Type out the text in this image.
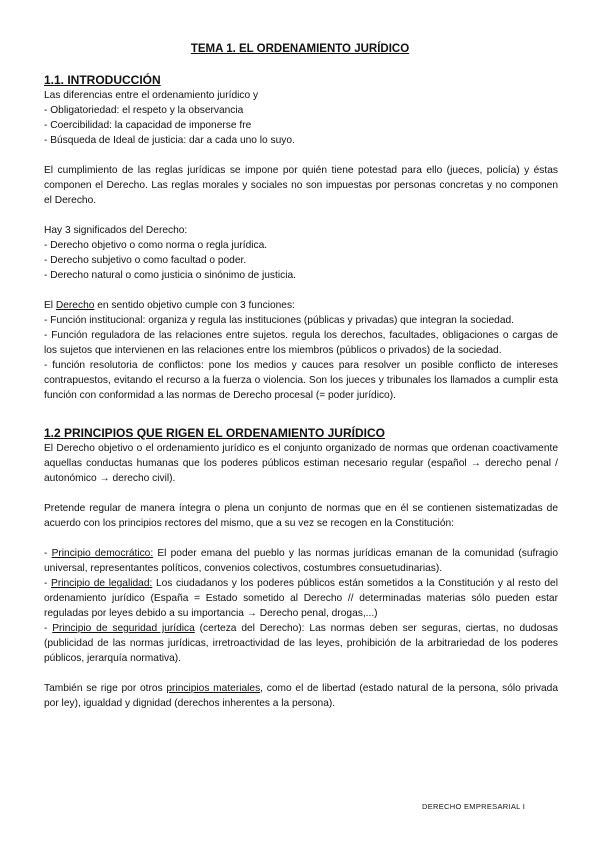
TEMA 1. EL ORDENAMIENTO JURÍDICO

1.1. INTRODUCCIÓN

Las diferencias entre el ordenamiento jurídico y

- Obligatoriedad: el respeto y la observancia

- Coercibilidad: la capacidad de imponerse fre

- Búsqueda de Ideal de justicia: dar a cada uno lo suyo.

El cumplimiento de las reglas jurídicas se impone por quién tiene potestad para ello (jueces, policía) y éstas componen el Derecho. Las reglas morales y sociales no son impuestas por personas concretas y no componen el Derecho.

Hay 3 significados del Derecho:

- Derecho objetivo o como norma o regla jurídica.

- Derecho subjetivo o como facultad o poder.

- Derecho natural o como justicia o sinónimo de justicia.

El Derecho en sentido objetivo cumple con 3 funciones:

- Función institucional: organiza y regula las instituciones (públicas y privadas) que integran la sociedad.

- Función reguladora de las relaciones entre sujetos. regula los derechos, facultades, obligaciones o cargas de los sujetos que intervienen en las relaciones entre los miembros (públicos o privados) de la sociedad.

- función resolutoria de conflictos: pone los medios y cauces para resolver un posible conflicto de intereses contrapuestos, evitando el recurso a la fuerza o violencia. Son los jueces y tribunales los llamados a cumplir esta función con conformidad a las normas de Derecho procesal (= poder jurídico).

1.2 PRINCIPIOS QUE RIGEN EL ORDENAMIENTO JURÍDICO

El Derecho objetivo o el ordenamiento jurídico es el conjunto organizado de normas que ordenan coactivamente aquellas conductas humanas que los poderes públicos estiman necesario regular (español → derecho penal / autonómico → derecho civil).

Pretende regular de manera íntegra o plena un conjunto de normas que en él se contienen sistematizadas de acuerdo con los principios rectores del mismo, que a su vez se recogen en la Constitución:

- Principio democrático: El poder emana del pueblo y las normas jurídicas emanan de la comunidad (sufragio universal, representantes políticos, convenios colectivos, costumbres consuetudinarias).

- Principio de legalidad: Los ciudadanos y los poderes públicos están sometidos a la Constitución y al resto del ordenamiento jurídico (España = Estado sometido al Derecho // determinadas materias sólo pueden estar reguladas por leyes debido a su importancia → Derecho penal, drogas,...)

- Principio de seguridad jurídica (certeza del Derecho): Las normas deben ser seguras, ciertas, no dudosas (publicidad de las normas jurídicas, irretroactividad de las leyes, prohibición de la arbitrariedad de los poderes públicos, jerarquía normativa).

También se rige por otros principios materiales, como el de libertad (estado natural de la persona, sólo privada por ley), igualdad y dignidad (derechos inherentes a la persona).

DERECHO EMPRESARIAL I
